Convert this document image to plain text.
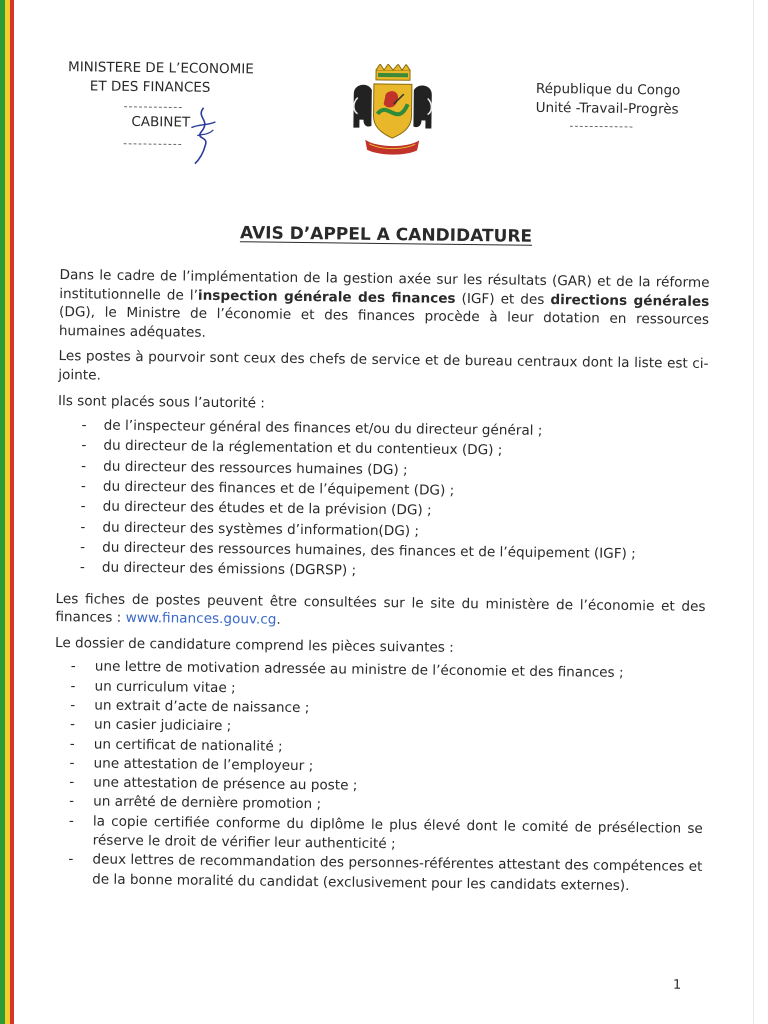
MINISTERE DE L’ECONOMIE
ET DES FINANCES
------------
CABINET
------------
République du Congo
Unité -Travail-Progrès
-------------
AVIS D’APPEL A CANDIDATURE

Dans le cadre de l’implémentation de la gestion axée sur les résultats (GAR) et de la réforme institutionnelle de l’inspection générale des finances (IGF) et des directions générales (DG), le Ministre de l’économie et des finances procède à leur dotation en ressources humaines adéquates.

Les postes à pourvoir sont ceux des chefs de service et de bureau centraux dont la liste est ci-jointe.

Ils sont placés sous l’autorité :

- de l’inspecteur général des finances et/ou du directeur général ;
- du directeur de la réglementation et du contentieux (DG) ;
- du directeur des ressources humaines (DG) ;
- du directeur des finances et de l’équipement (DG) ;
- du directeur des études et de la prévision (DG) ;
- du directeur des systèmes d’information(DG) ;
- du directeur des ressources humaines, des finances et de l’équipement (IGF) ;
- du directeur des émissions (DGRSP) ;

Les fiches de postes peuvent être consultées sur le site du ministère de l’économie et des finances : www.finances.gouv.cg.

Le dossier de candidature comprend les pièces suivantes :

- une lettre de motivation adressée au ministre de l’économie et des finances ;
- un curriculum vitae ;
- un extrait d’acte de naissance ;
- un casier judiciaire ;
- un certificat de nationalité ;
- une attestation de l’employeur ;
- une attestation de présence au poste ;
- un arrêté de dernière promotion ;
- la copie certifiée conforme du diplôme le plus élevé dont le comité de présélection se réserve le droit de vérifier leur authenticité ;
- deux lettres de recommandation des personnes-référentes attestant des compétences et de la bonne moralité du candidat (exclusivement pour les candidats externes).
1
